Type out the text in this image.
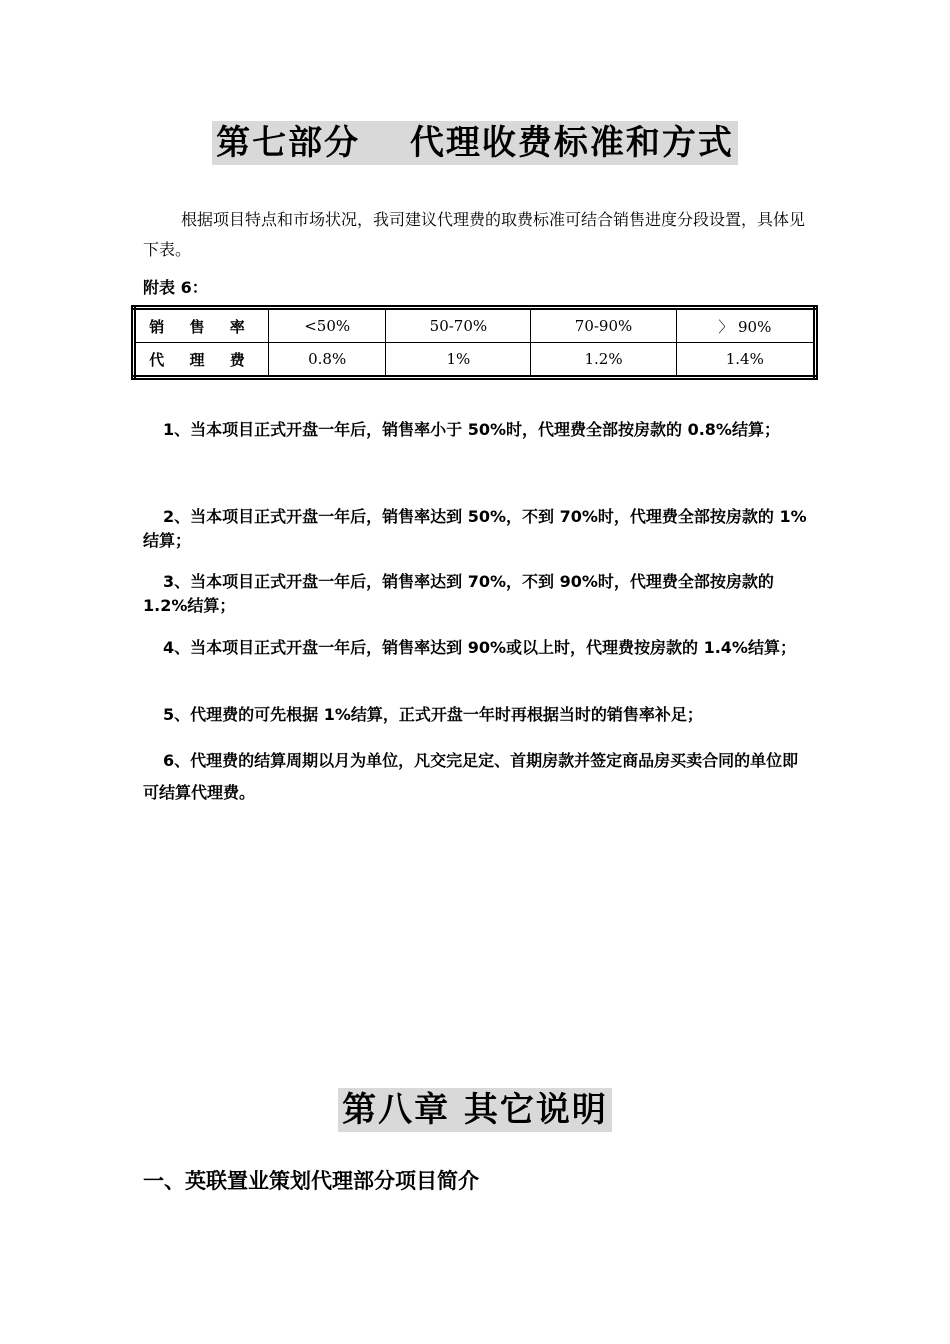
第七部分　 代理收费标准和方式
根据项目特点和市场状况，我司建议代理费的取费标准可结合销售进度分段设置，具体见下表。
附表 6：
销 售 率	<50%	50-70%	70-90%	〉 90%
代 理 费	0.8%	1%	1.2%	1.4%
1、当本项目正式开盘一年后，销售率小于 50%时，代理费全部按房款的 0.8%结算；
2、当本项目正式开盘一年后，销售率达到 50%，不到 70%时，代理费全部按房款的 1%结算；
3、当本项目正式开盘一年后，销售率达到 70%，不到 90%时，代理费全部按房款的 1.2%结算；
4、当本项目正式开盘一年后，销售率达到 90%或以上时，代理费按房款的 1.4%结算；
5、代理费的可先根据 1%结算，正式开盘一年时再根据当时的销售率补足；
6、代理费的结算周期以月为单位，凡交完足定、首期房款并签定商品房买卖合同的单位即可结算代理费。
第八章 其它说明
一、英联置业策划代理部分项目简介
